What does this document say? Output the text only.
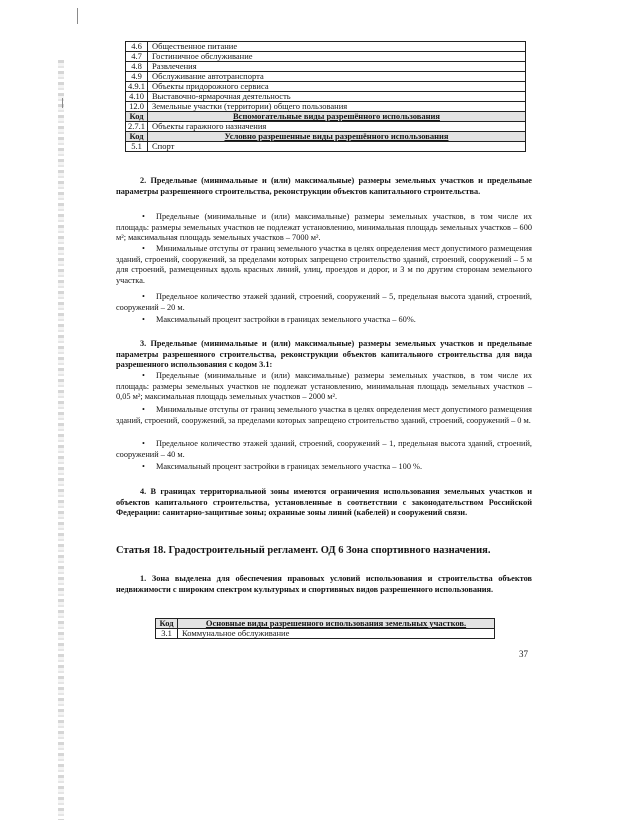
4.6	Общественное питание
4.7	Гостиничное обслуживание
4.8	Развлечения
4.9	Обслуживание автотранспорта
4.9.1	Объекты придорожного сервиса
4.10	Выставочно-ярмарочная деятельность
12.0	Земельные участки (территории) общего пользования
Код	Вспомогательные виды разрешённого использования
2.7.1	Объекты гаражного назначения
Код	Условно разрешенные виды разрешённого использования
5.1	Спорт

2. Предельные (минимальные и (или) максимальные) размеры земельных участков и предельные параметры разрешенного строительства, реконструкции объектов капитального строительства.

• Предельные (минимальные и (или) максимальные) размеры земельных участков, в том числе их площадь: размеры земельных участков не подлежат установлению, минимальная площадь земельных участков – 600 м²; максимальная площадь земельных участков – 7000 м².

• Минимальные отступы от границ земельного участка в целях определения мест допустимого размещения зданий, строений, сооружений, за пределами которых запрещено строительство зданий, строений, сооружений – 5 м для строений, размещенных вдоль красных линий, улиц, проездов и дорог, и 3 м по другим сторонам земельного участка.

• Предельное количество этажей зданий, строений, сооружений – 5, предельная высота зданий, строений, сооружений – 20 м.

• Максимальный процент застройки в границах земельного участка – 60%.

3. Предельные (минимальные и (или) максимальные) размеры земельных участков и предельные параметры разрешенного строительства, реконструкции объектов капитального строительства для вида разрешенного использования с кодом 3.1:

• Предельные (минимальные и (или) максимальные) размеры земельных участков, в том числе их площадь: размеры земельных участков не подлежат установлению, минимальная площадь земельных участков – 0,05 м²; максимальная площадь земельных участков – 2000 м².

• Минимальные отступы от границ земельного участка в целях определения мест допустимого размещения зданий, строений, сооружений, за пределами которых запрещено строительство зданий, строений, сооружений – 0 м.

• Предельное количество этажей зданий, строений, сооружений – 1, предельная высота зданий, строений, сооружений – 40 м.

• Максимальный процент застройки в границах земельного участка – 100 %.

4. В границах территориальной зоны имеются ограничения использования земельных участков и объектов капитального строительства, установленные в соответствии с законодательством Российской Федерации: санитарно-защитные зоны; охранные зоны линий (кабелей) и сооружений связи.

Статья 18. Градостроительный регламент. ОД 6 Зона спортивного назначения.

1. Зона выделена для обеспечения правовых условий использования и строительства объектов недвижимости с широким спектром культурных и спортивных видов разрешенного использования.

Код	Основные виды разрешенного использования земельных участков.
3.1	Коммунальное обслуживание
37
